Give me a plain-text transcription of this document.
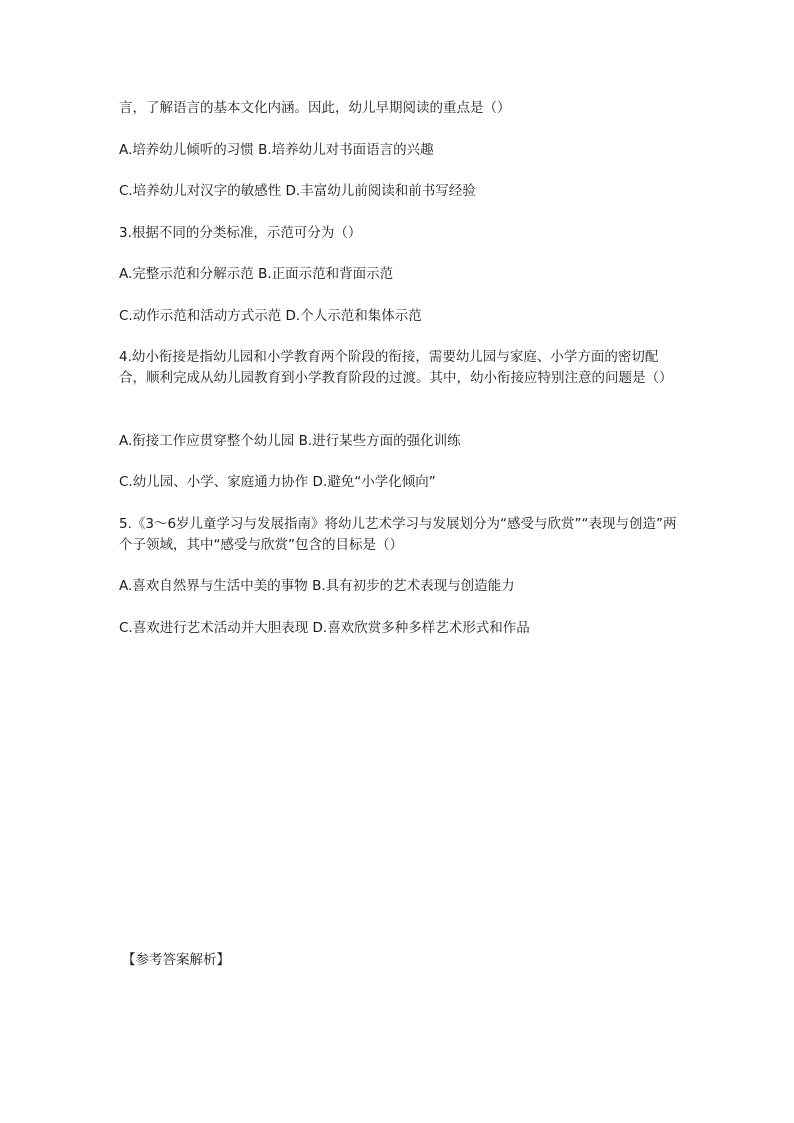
言，了解语言的基本文化内涵。因此，幼儿早期阅读的重点是（）
A.培养幼儿倾听的习惯 B.培养幼儿对书面语言的兴趣
C.培养幼儿对汉字的敏感性 D.丰富幼儿前阅读和前书写经验
3.根据不同的分类标准，示范可分为（）
A.完整示范和分解示范 B.正面示范和背面示范
C.动作示范和活动方式示范 D.个人示范和集体示范
4.幼小衔接是指幼儿园和小学教育两个阶段的衔接，需要幼儿园与家庭、小学方面的密切配合，顺利完成从幼儿园教育到小学教育阶段的过渡。其中，幼小衔接应特别注意的问题是（）
A.衔接工作应贯穿整个幼儿园 B.进行某些方面的强化训练
C.幼儿园、小学、家庭通力协作 D.避免“小学化倾向”
5.《3～6岁儿童学习与发展指南》将幼儿艺术学习与发展划分为“感受与欣赏”“表现与创造”两个子领域，其中“感受与欣赏”包含的目标是（）
A.喜欢自然界与生活中美的事物 B.具有初步的艺术表现与创造能力
C.喜欢进行艺术活动并大胆表现 D.喜欢欣赏多种多样艺术形式和作品
【参考答案解析】
